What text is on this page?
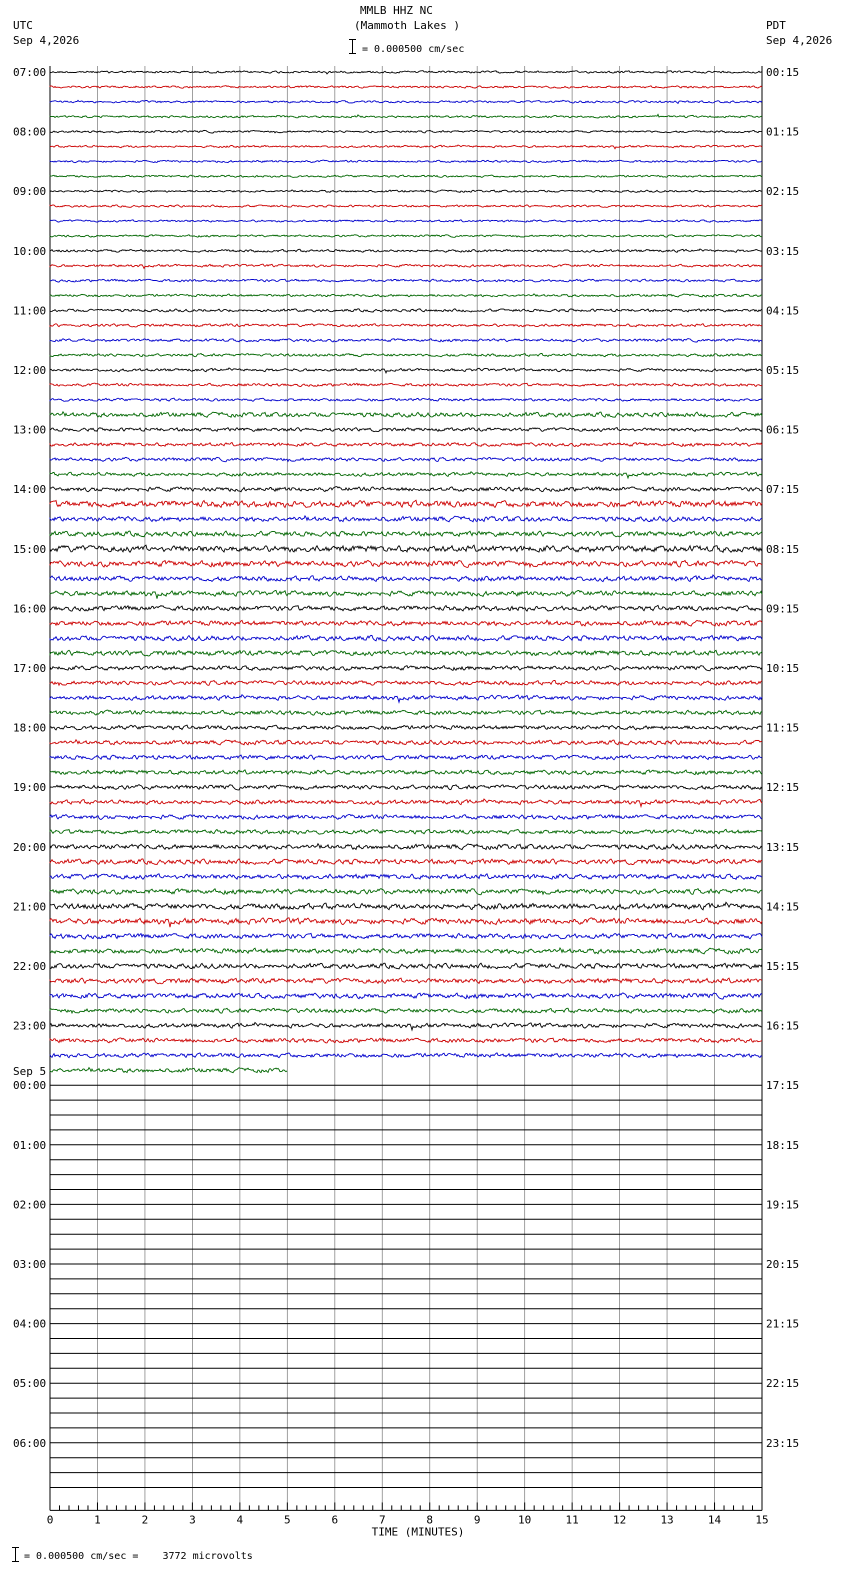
MMLB HHZ NC
(Mammoth Lakes )
= 0.000500 cm/sec
UTC
Sep 4,2026
PDT
Sep 4,2026
07:00	00:15
08:00	01:15
09:00	02:15
10:00	03:15
11:00	04:15
12:00	05:15
13:00	06:15
14:00	07:15
15:00	08:15
16:00	09:15
17:00	10:15
18:00	11:15
19:00	12:15
20:00	13:15
21:00	14:15
22:00	15:15
23:00	16:15
00:00	17:15
01:00	18:15
02:00	19:15
03:00	20:15
04:00	21:15
05:00	22:15
06:00	23:15
Sep 5
0	1	2	3	4	5	6	7	8	9	10	11	12	13	14	15
TIME (MINUTES)
= 0.000500 cm/sec =    3772 microvolts
